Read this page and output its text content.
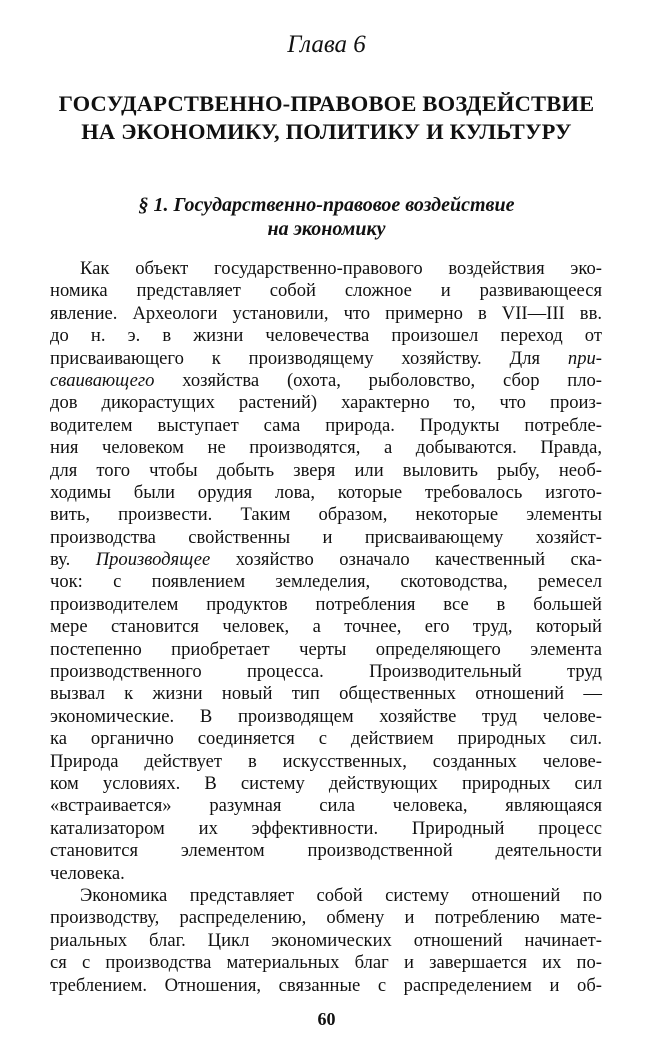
Глава 6
ГОСУДАРСТВЕННО-ПРАВОВОЕ ВОЗДЕЙСТВИЕ
НА ЭКОНОМИКУ, ПОЛИТИКУ И КУЛЬТУРУ
§ 1. Государственно-правовое воздействие
на экономику
Как объект государственно-правового воздействия эко-
номика представляет собой сложное и развивающееся
явление. Археологи установили, что примерно в VII—III вв.
до н. э. в жизни человечества произошел переход от
присваивающего к производящему хозяйству. Для при-
сваивающего хозяйства (охота, рыболовство, сбор пло-
дов дикорастущих растений) характерно то, что произ-
водителем выступает сама природа. Продукты потребле-
ния человеком не производятся, а добываются. Правда,
для того чтобы добыть зверя или выловить рыбу, необ-
ходимы были орудия лова, которые требовалось изгото-
вить, произвести. Таким образом, некоторые элементы
производства свойственны и присваивающему хозяйст-
ву. Производящее хозяйство означало качественный ска-
чок: с появлением земледелия, скотоводства, ремесел
производителем продуктов потребления все в большей
мере становится человек, а точнее, его труд, который
постепенно приобретает черты определяющего элемента
производственного процесса. Производительный труд
вызвал к жизни новый тип общественных отношений —
экономические. В производящем хозяйстве труд челове-
ка органично соединяется с действием природных сил.
Природа действует в искусственных, созданных челове-
ком условиях. В систему действующих природных сил
«встраивается» разумная сила человека, являющаяся
катализатором их эффективности. Природный процесс
становится элементом производственной деятельности
человека.
Экономика представляет собой систему отношений по
производству, распределению, обмену и потреблению мате-
риальных благ. Цикл экономических отношений начинает-
ся с производства материальных благ и завершается их по-
треблением. Отношения, связанные с распределением и об-
60
